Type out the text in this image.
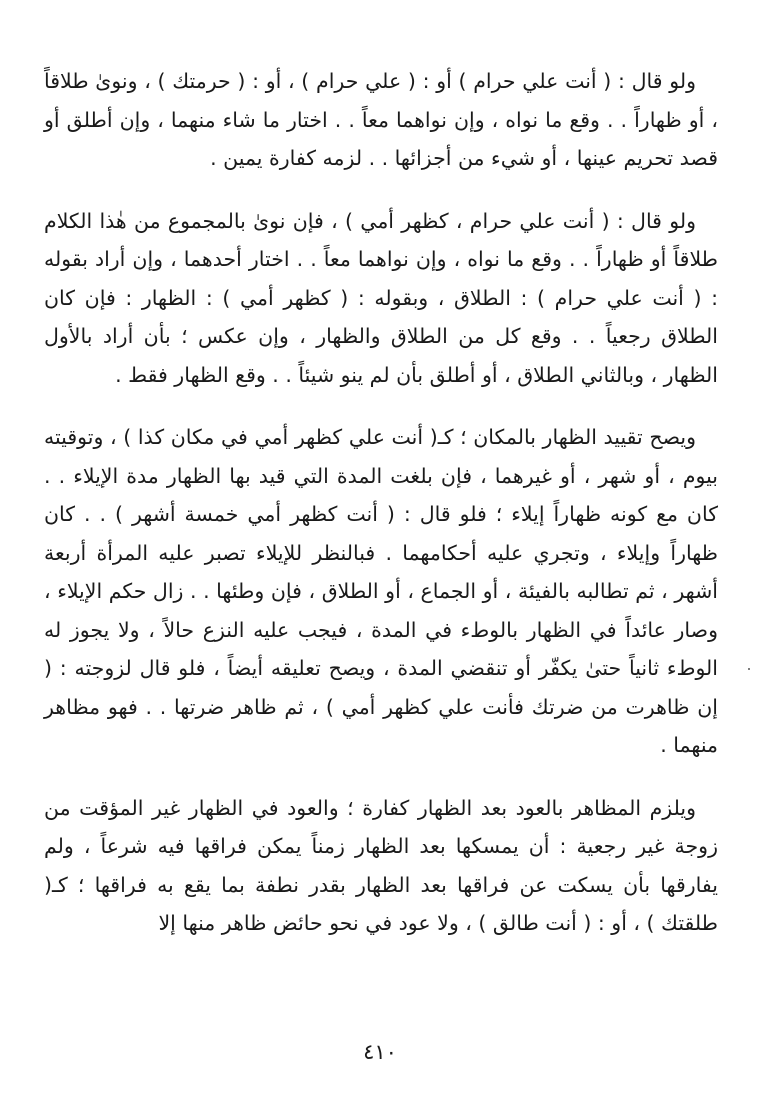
ولو قال : ( أنت علي حرام ) أو : ( علي حرام ) ، أو : ( حرمتك ) ، ونوىٰ طلاقاً ، أو ظهاراً . . وقع ما نواه ، وإن نواهما معاً . . اختار ما شاء منهما ، وإن أطلق أو قصد تحريم عينها ، أو شيء من أجزائها . . لزمه كفارة يمين .

ولو قال : ( أنت علي حرام ، كظهر أمي ) ، فإن نوىٰ بالمجموع من هٰذا الكلام طلاقاً أو ظهاراً . . وقع ما نواه ، وإن نواهما معاً . . اختار أحدهما ، وإن أراد بقوله : ( أنت علي حرام ) : الطلاق ، وبقوله : ( كظهر أمي ) : الظهار : فإن كان الطلاق رجعياً . . وقع كل من الطلاق والظهار ، وإن عكس ؛ بأن أراد بالأول الظهار ، وبالثاني الطلاق ، أو أطلق بأن لم ينو شيئاً . . وقع الظهار فقط .

ويصح تقييد الظهار بالمكان ؛ كـ( أنت علي كظهر أمي في مكان كذا ) ، وتوقيته بيوم ، أو شهر ، أو غيرهما ، فإن بلغت المدة التي قيد بها الظهار مدة الإيلاء . . كان مع كونه ظهاراً إيلاء ؛ فلو قال : ( أنت كظهر أمي خمسة أشهر ) . . كان ظهاراً وإيلاء ، وتجري عليه أحكامهما . فبالنظر للإيلاء تصبر عليه المرأة أربعة أشهر ، ثم تطالبه بالفيئة ، أو الجماع ، أو الطلاق ، فإن وطئها . . زال حكم الإيلاء ، وصار عائداً في الظهار بالوطء في المدة ، فيجب عليه النزع حالاً ، ولا يجوز له الوطء ثانياً حتىٰ يكفّر أو تنقضي المدة ، ويصح تعليقه أيضاً ، فلو قال لزوجته : ( إن ظاهرت من ضرتك فأنت علي كظهر أمي ) ، ثم ظاهر ضرتها . . فهو مظاهر منهما .

ويلزم المظاهر بالعود بعد الظهار كفارة ؛ والعود في الظهار غير المؤقت من زوجة غير رجعية : أن يمسكها بعد الظهار زمناً يمكن فراقها فيه شرعاً ، ولم يفارقها بأن يسكت عن فراقها بعد الظهار بقدر نطفة بما يقع به فراقها ؛ كـ( طلقتك ) ، أو : ( أنت طالق ) ، ولا عود في نحو حائض ظاهر منها إلا

٤١٠
